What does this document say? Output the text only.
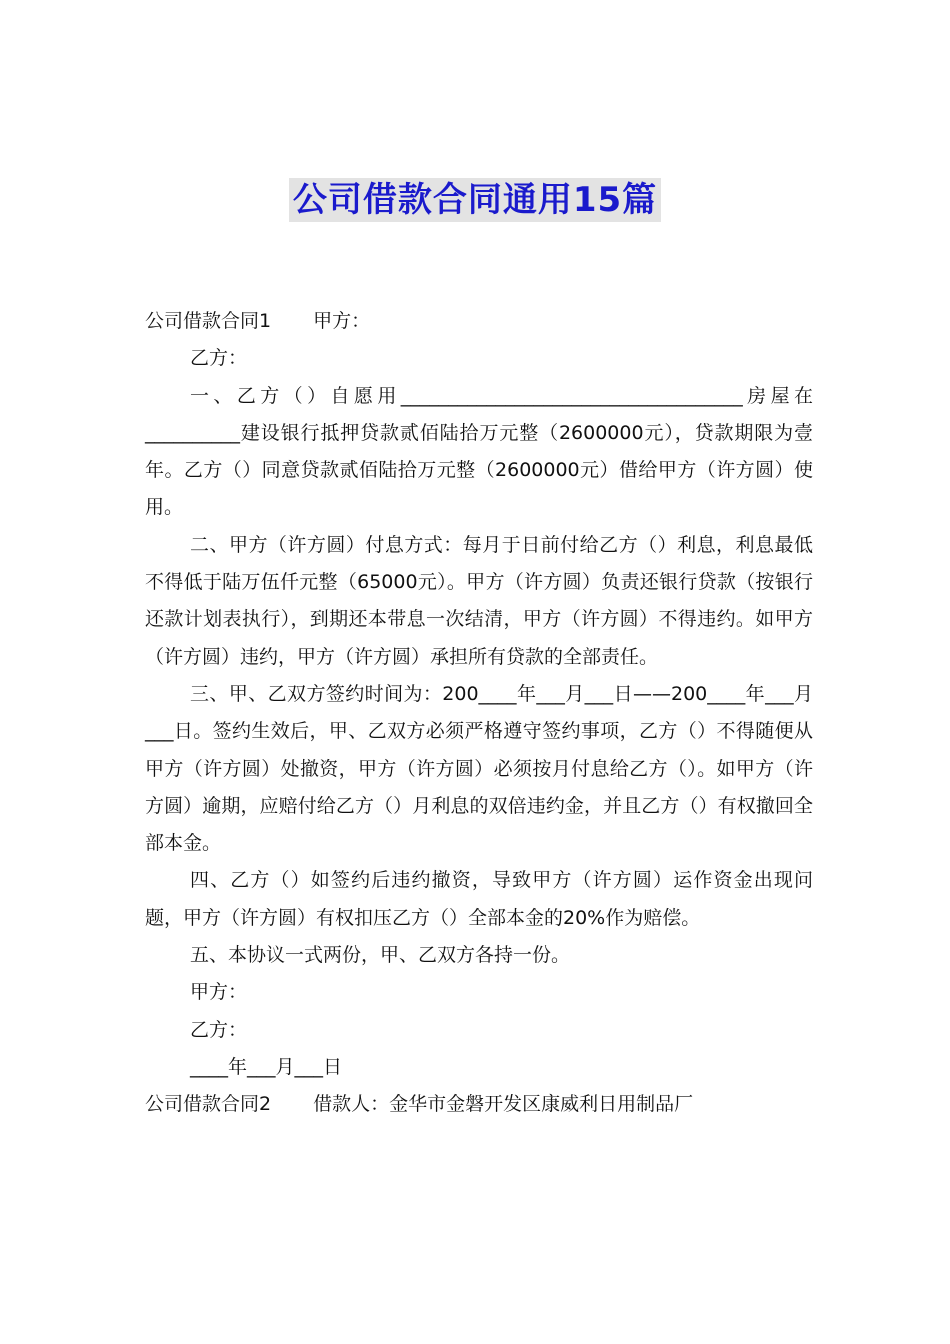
公司借款合同通用15篇

公司借款合同1 甲方：

乙方：

一、乙方（）自愿用____________________________________房屋在__________建设银行抵押贷款贰佰陆拾万元整（2600000元），贷款期限为壹年。乙方（）同意贷款贰佰陆拾万元整（2600000元）借给甲方（许方圆）使用。

二、甲方（许方圆）付息方式：每月于日前付给乙方（）利息，利息最低不得低于陆万伍仟元整（65000元）。甲方（许方圆）负责还银行贷款（按银行还款计划表执行），到期还本带息一次结清，甲方（许方圆）不得违约。如甲方（许方圆）违约，甲方（许方圆）承担所有贷款的全部责任。

三、甲、乙双方签约时间为：200____年___月___日——200____年___月___日。签约生效后，甲、乙双方必须严格遵守签约事项，乙方（）不得随便从甲方（许方圆）处撤资，甲方（许方圆）必须按月付息给乙方（）。如甲方（许方圆）逾期，应赔付给乙方（）月利息的双倍违约金，并且乙方（）有权撤回全部本金。

四、乙方（）如签约后违约撤资，导致甲方（许方圆）运作资金出现问题，甲方（许方圆）有权扣压乙方（）全部本金的20%作为赔偿。

五、本协议一式两份，甲、乙双方各持一份。

甲方：

乙方：

____年___月___日

公司借款合同2 借款人：金华市金磐开发区康威利日用制品厂
